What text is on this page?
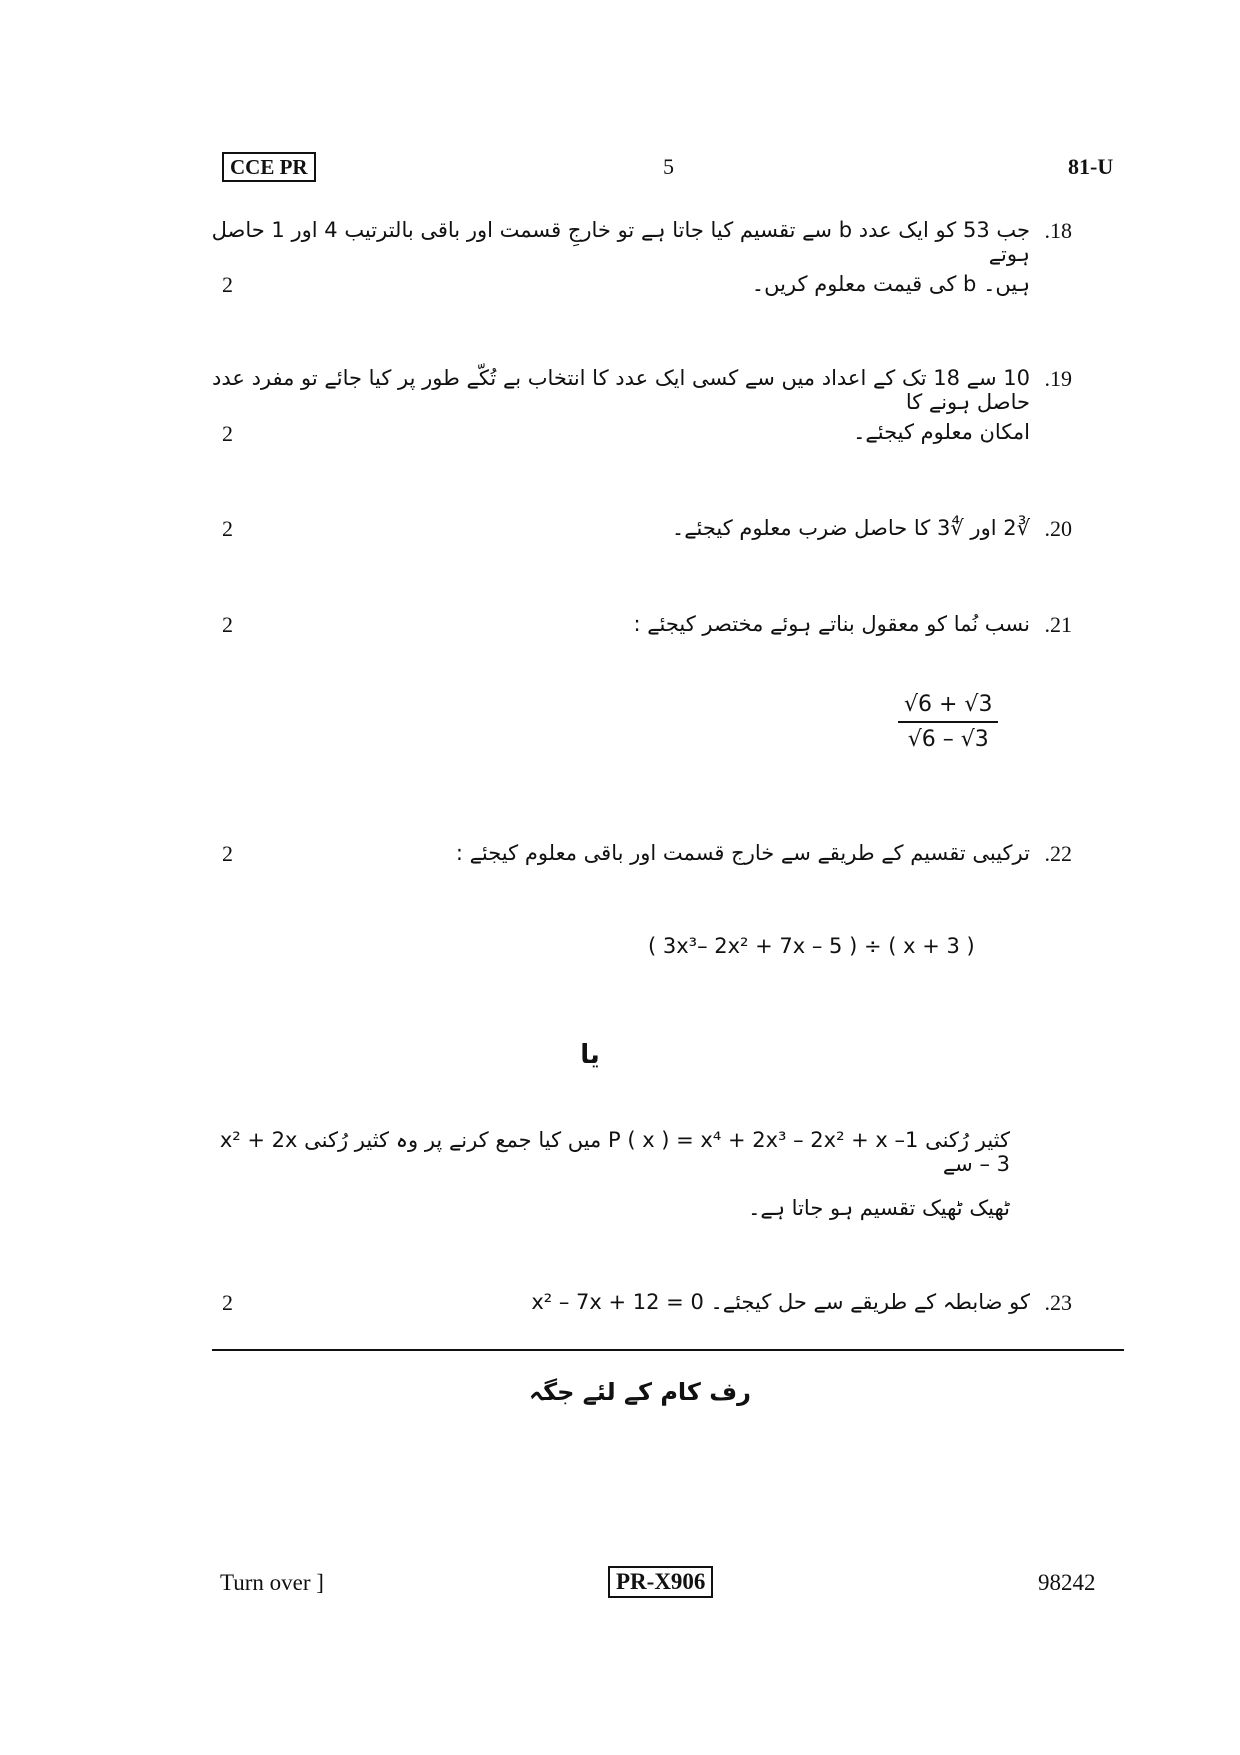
CCE PR	5	81-U
.18
جب 53 کو ایک عدد b سے تقسیم کیا جاتا ہے تو خارجِ قسمت اور باقی بالترتیب 4 اور 1 حاصل ہوتے
ہیں۔ b کی قیمت معلوم کریں۔
2
.19
10 سے 18 تک کے اعداد میں سے کسی ایک عدد کا انتخاب بے تُکّے طور پر کیا جائے تو مفرد عدد حاصل ہونے کا
امکان معلوم کیجئے۔
2
.20
∛2 اور ∜3 کا حاصل ضرب معلوم کیجئے۔
2
.21
نسب نُما کو معقول بناتے ہوئے مختصر کیجئے :
2
$\frac{√6 + √3}{√6 - √3}$
.22
ترکیبی تقسیم کے طریقے سے خارج قسمت اور باقی معلوم کیجئے :
2
( 3x³– 2x² + 7x – 5 ) ÷ ( x + 3 )
یا
کثیر رُکنی P ( x ) = x⁴ + 2x³ – 2x² + x –1 میں کیا جمع کرنے پر وہ کثیر رُکنی x² + 2x – 3 سے
ٹھیک ٹھیک تقسیم ہو جاتا ہے۔
.23
x² – 7x + 12 = 0 کو ضابطہ کے طریقے سے حل کیجئے۔
2
رف کام کے لئے جگہ
Turn over ]	PR-X906	98242
